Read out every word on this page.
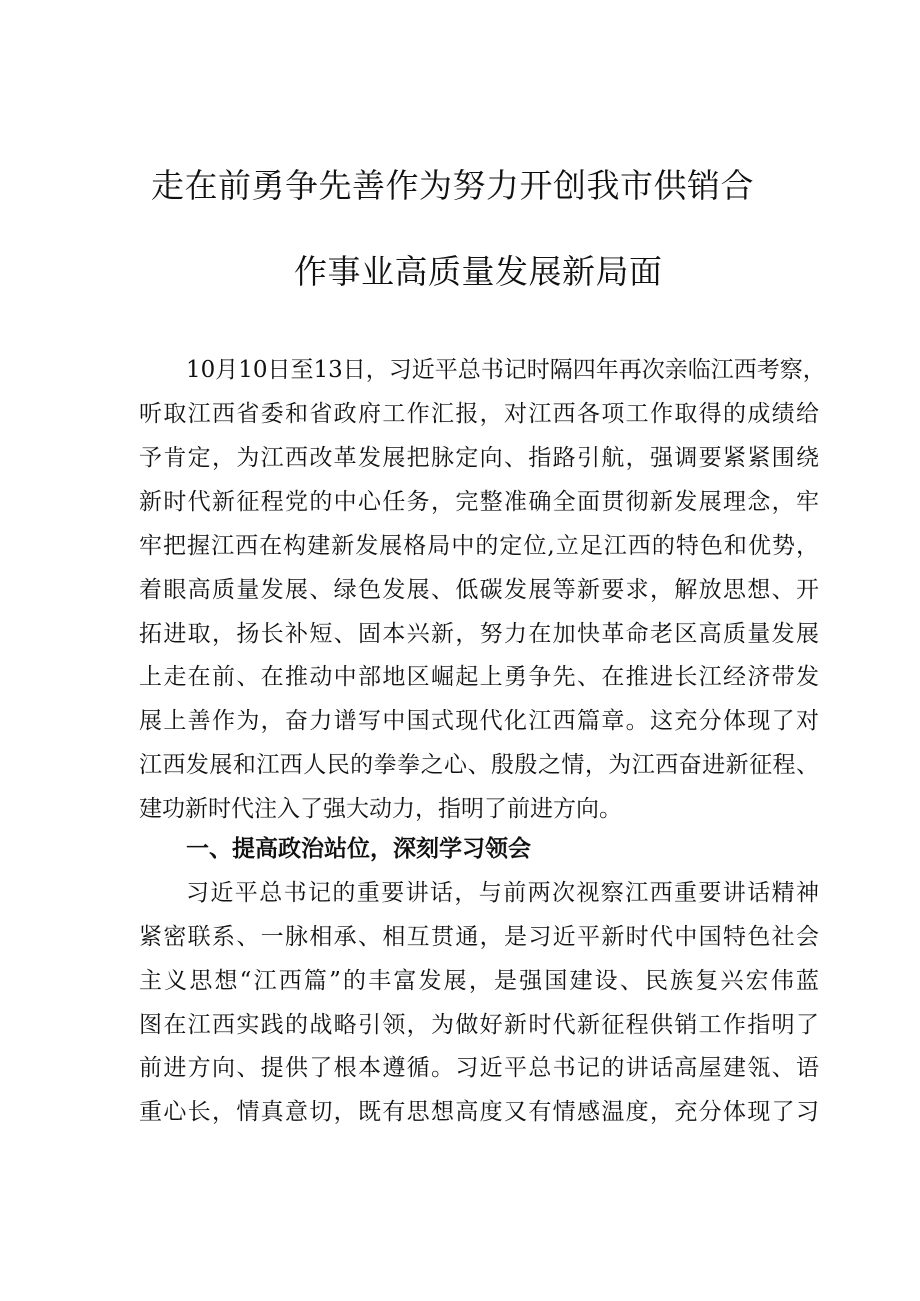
走在前勇争先善作为努力开创我市供销合
作事业高质量发展新局面
10月10日至13日，习近平总书记时隔四年再次亲临江西考察，
听取江西省委和省政府工作汇报，对江西各项工作取得的成绩给
予肯定，为江西改革发展把脉定向、指路引航，强调要紧紧围绕
新时代新征程党的中心任务，完整准确全面贯彻新发展理念，牢
牢把握江西在构建新发展格局中的定位,立足江西的特色和优势，
着眼高质量发展、绿色发展、低碳发展等新要求，解放思想、开
拓进取，扬长补短、固本兴新，努力在加快革命老区高质量发展
上走在前、在推动中部地区崛起上勇争先、在推进长江经济带发
展上善作为，奋力谱写中国式现代化江西篇章。这充分体现了对
江西发展和江西人民的拳拳之心、殷殷之情，为江西奋进新征程、
建功新时代注入了强大动力，指明了前进方向。
一、提高政治站位，深刻学习领会
习近平总书记的重要讲话，与前两次视察江西重要讲话精神
紧密联系、一脉相承、相互贯通，是习近平新时代中国特色社会
主义思想“江西篇”的丰富发展，是强国建设、民族复兴宏伟蓝
图在江西实践的战略引领，为做好新时代新征程供销工作指明了
前进方向、提供了根本遵循。习近平总书记的讲话高屋建瓴、语
重心长，情真意切，既有思想高度又有情感温度，充分体现了习
